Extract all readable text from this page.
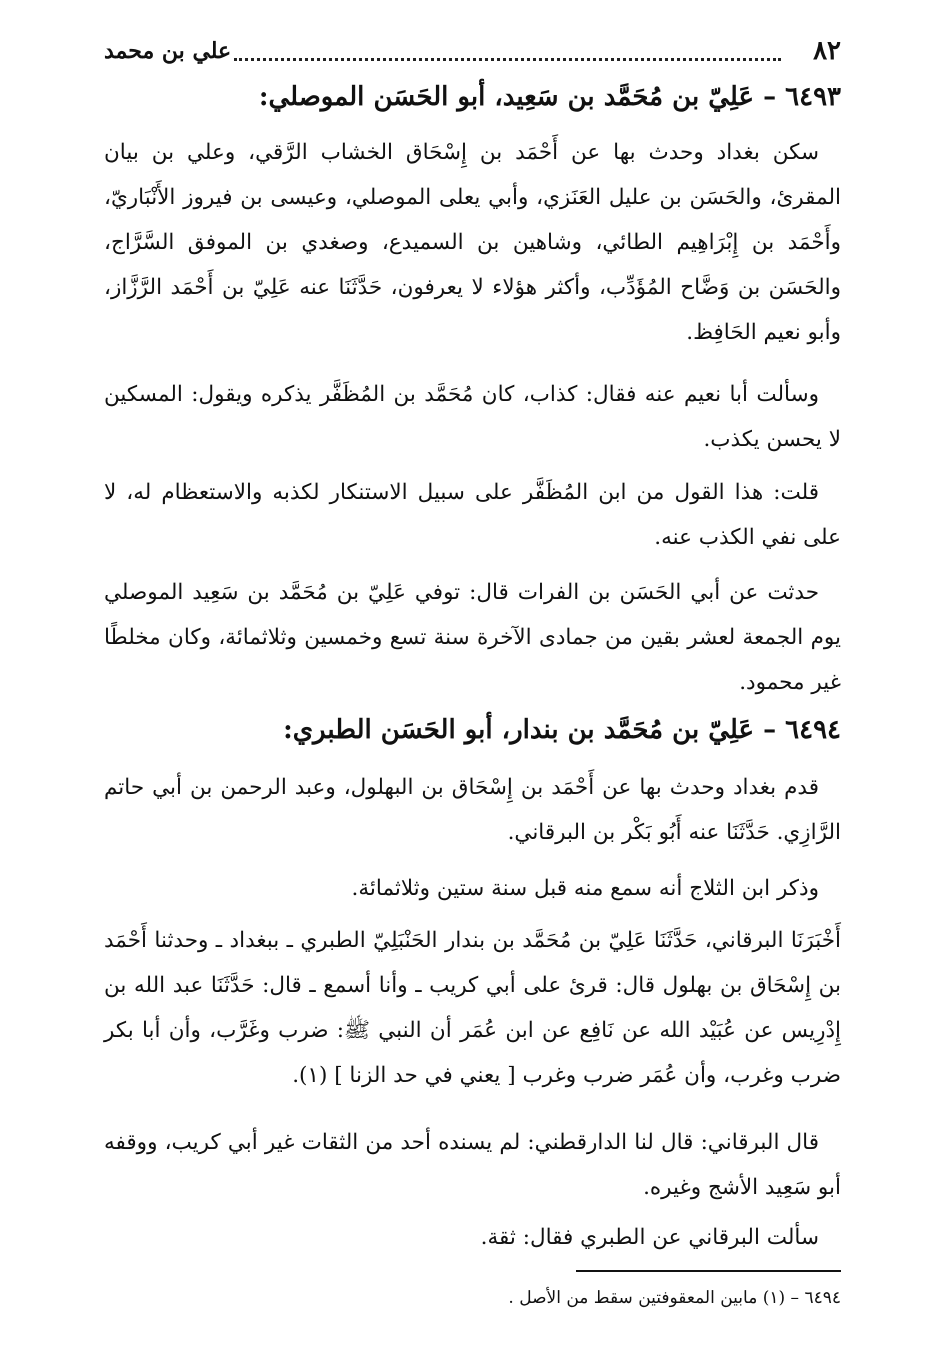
٨٢
علي بن محمد
٦٤٩٣ – عَلِيّ بن مُحَمَّد بن سَعِيد، أبو الحَسَن الموصلي:
سكن بغداد وحدث بها عن أَحْمَد بن إِسْحَاق الخشاب الرَّقي، وعلي بن بيان المقرئ، والحَسَن بن عليل العَنَزي، وأبي يعلى الموصلي، وعيسى بن فيروز الأَنْبَاريّ، وأَحْمَد بن إِبْرَاهِيم الطائي، وشاهين بن السميدع، وصغدي بن الموفق السَّرَّاج، والحَسَن بن وَضَّاح المُؤَدِّب، وأكثر هؤلاء لا يعرفون، حَدَّثَنَا عنه عَلِيّ بن أَحْمَد الرَّزَّاز، وأبو نعيم الحَافِظ.
وسألت أبا نعيم عنه فقال: كذاب، كان مُحَمَّد بن المُظَفَّر يذكره ويقول: المسكين لا يحسن يكذب.
قلت: هذا القول من ابن المُظَفَّر على سبيل الاستنكار لكذبه والاستعظام له، لا على نفي الكذب عنه.
حدثت عن أبي الحَسَن بن الفرات قال: توفي عَلِيّ بن مُحَمَّد بن سَعِيد الموصلي يوم الجمعة لعشر بقين من جمادى الآخرة سنة تسع وخمسين وثلاثمائة، وكان مخلطًا غير محمود.
٦٤٩٤ – عَلِيّ بن مُحَمَّد بن بندار، أبو الحَسَن الطبري:
قدم بغداد وحدث بها عن أَحْمَد بن إِسْحَاق بن البهلول، وعبد الرحمن بن أبي حاتم الرَّازِي. حَدَّثَنَا عنه أَبُو بَكْر بن البرقاني.
وذكر ابن الثلاج أنه سمع منه قبل سنة ستين وثلاثمائة.
أَخْبَرَنَا البرقاني، حَدَّثَنَا عَلِيّ بن مُحَمَّد بن بندار الحَنْبَلِيّ الطبري ـ ببغداد ـ وحدثنا أَحْمَد بن إِسْحَاق بن بهلول قال: قرئ على أبي كريب ـ وأنا أسمع ـ قال: حَدَّثَنَا عبد الله بن إِدْرِيس عن عُبَيْد الله عن نَافِع عن ابن عُمَر أن النبي ﷺ: ضرب وغَرَّب، وأن أبا بكر ضرب وغرب، وأن عُمَر ضرب وغرب [ يعني في حد الزنا ] (١).
قال البرقاني: قال لنا الدارقطني: لم يسنده أحد من الثقات غير أبي كريب، ووقفه أبو سَعِيد الأشج وغيره.
سألت البرقاني عن الطبري فقال: ثقة.
٦٤٩٤ – (١) مابين المعقوفتين سقط من الأصل .
